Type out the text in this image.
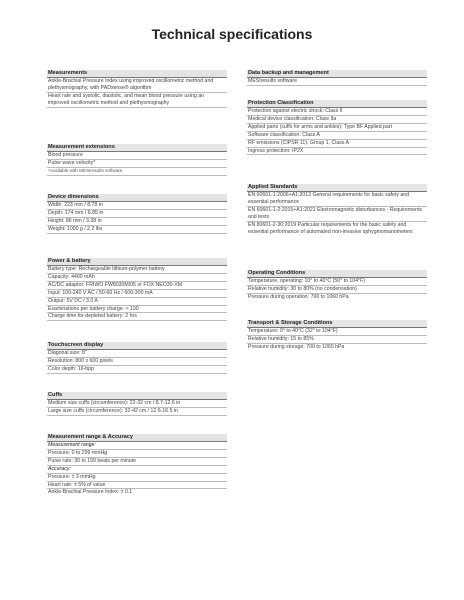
Technical specifications
Measurements
Ankle-Brachial Pressure Index using improved oscillometric method and plethysmography, with PADsense® algorithm
Heart rate and systolic, diastolic, and mean blood pressure using an improved oscillometric method and plethysmography
Measurement extensions
Blood pressure
Pulse wave velocity*
*Available with MESIresults software
Device dimensions
Width: 223 mm / 8.78 in
Depth: 174 mm / 6.85 in
Height: 86 mm / 3.38 in
Weight: 1000 g / 2.2 lbs
Power & battery
Battery type: Rechargeable lithium-polymer battery
Capacity: 4400 mAh
AC/DC adaptor: FRIWO FW8030M/05 or FOX NEO30-XM
Input: 100-240 V AC / 50-60 Hz / 600-300 mA
Output: 5V DC / 3.0 A
Examinations per battery charge: > 100
Charge time for depleted battery: 2 hrs
Touchscreen display
Diagonal size: 8"
Resolution: 800 x 600 pixels
Color depth: 16-bpp
Cuffs
Medium size cuffs (circumference): 22-32 cm / 8.7-12.6 in
Large size cuffs (circumference): 32-42 cm / 12.6-16.5 in
Measurement range & Accuracy
Measurement range:
Pressure: 0 to 299 mmHg
Pulse rate: 30 to 199 beats per minute
Accuracy:
Pressure: ± 3 mmHg
Heart rate: ± 5% of value
Ankle-Brachial Pressure Index: ± 0.1
Data backup and management
MESIresults software
Protection Classification
Protection against electric shock: Class II
Medical device classification: Class IIa
Applied parts (cuffs for arms and ankles): Type BF Applied part
Software classification: Class A
RF emissions (CIPSR 11): Group 1, Class A
Ingress protection: IP2X
Applied Standards
EN 60601-1:2006+A1:2013 General requirements for basic safety and essential performance
EN 60601-1-2:2015+A1:2021 Electromagnetic disturbances - Requirements and tests
EN 80601-2-30:2019 Particular requirements for the basic safety and essential performance of automated non-invasive sphygmomanometers
Operating Conditions
Temperature, operating: 10° to 40°C (50° to 104°F)
Relative humidity: 30 to 80% (no condensation)
Pressure during operation: 700 to 1060 hPa
Transport & Storage Conditions
Temperature: 0° to 40°C (32° to 104°F)
Relative humidity: 15 to 85%
Pressure during storage: 700 to 1060 hPa
